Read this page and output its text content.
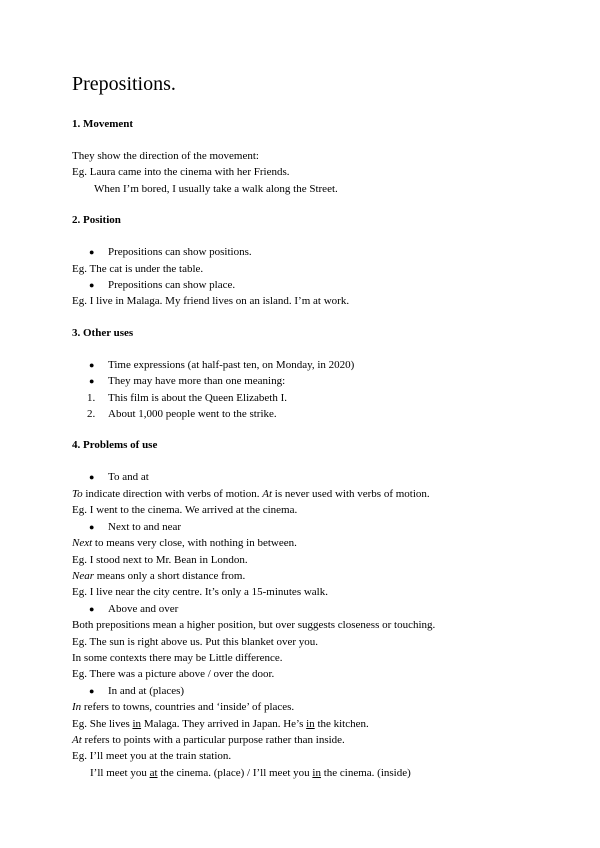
Prepositions.

1. Movement

They show the direction of the movement:

Eg. Laura came into the cinema with her Friends.

When I’m bored, I usually take a walk along the Street.

2. Position

● Prepositions can show positions.

Eg. The cat is under the table.

● Prepositions can show place.

Eg. I live in Malaga. My friend lives on an island. I’m at work.

3. Other uses

● Time expressions (at half-past ten, on Monday, in 2020)

● They may have more than one meaning:

1. This film is about the Queen Elizabeth I.

2. About 1,000 people went to the strike.

4. Problems of use

● To and at

To indicate direction with verbs of motion. At is never used with verbs of motion.

Eg. I went to the cinema. We arrived at the cinema.

● Next to and near

Next to means very close, with nothing in between.

Eg. I stood next to Mr. Bean in London.

Near means only a short distance from.

Eg. I live near the city centre. It’s only a 15-minutes walk.

● Above and over

Both prepositions mean a higher position, but over suggests closeness or touching.

Eg. The sun is right above us. Put this blanket over you.

In some contexts there may be Little difference.

Eg. There was a picture above / over the door.

● In and at (places)

In refers to towns, countries and ‘inside’ of places.

Eg. She lives in Malaga. They arrived in Japan. He’s in the kitchen.

At refers to points with a particular purpose rather than inside.

Eg. I’ll meet you at the train station.

I’ll meet you at the cinema. (place) / I’ll meet you in the cinema. (inside)
